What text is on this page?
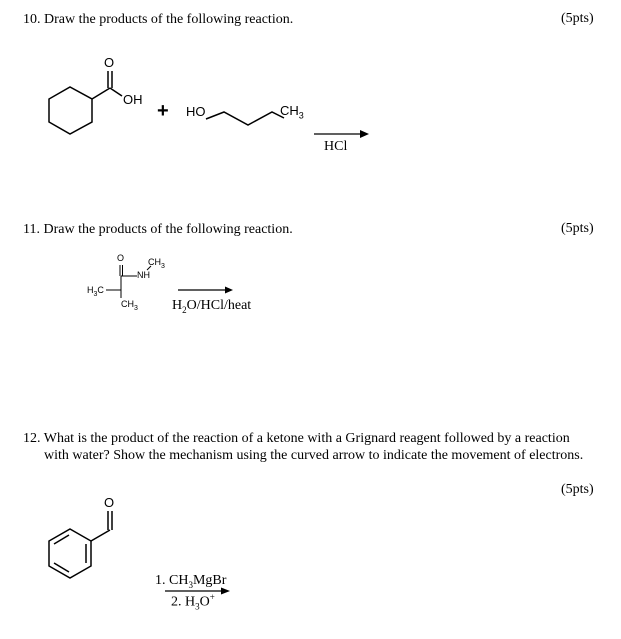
10. Draw the products of the following reaction.	(5pts)
O
OH
+ HO	$CH_3$
HCl
11. Draw the products of the following reaction.	(5pts)
O	$CH_3$
NH
$H_3C$
$CH_3$ $H_2O/HCl$/heat
12. What is the product of the reaction of a ketone with a Grignard reagent followed by a reaction
with water? Show the mechanism using the curved arrow to indicate the movement of electrons.
(5pts)
O
1. $CH_3MgBr$
2. $H_3O^+$
